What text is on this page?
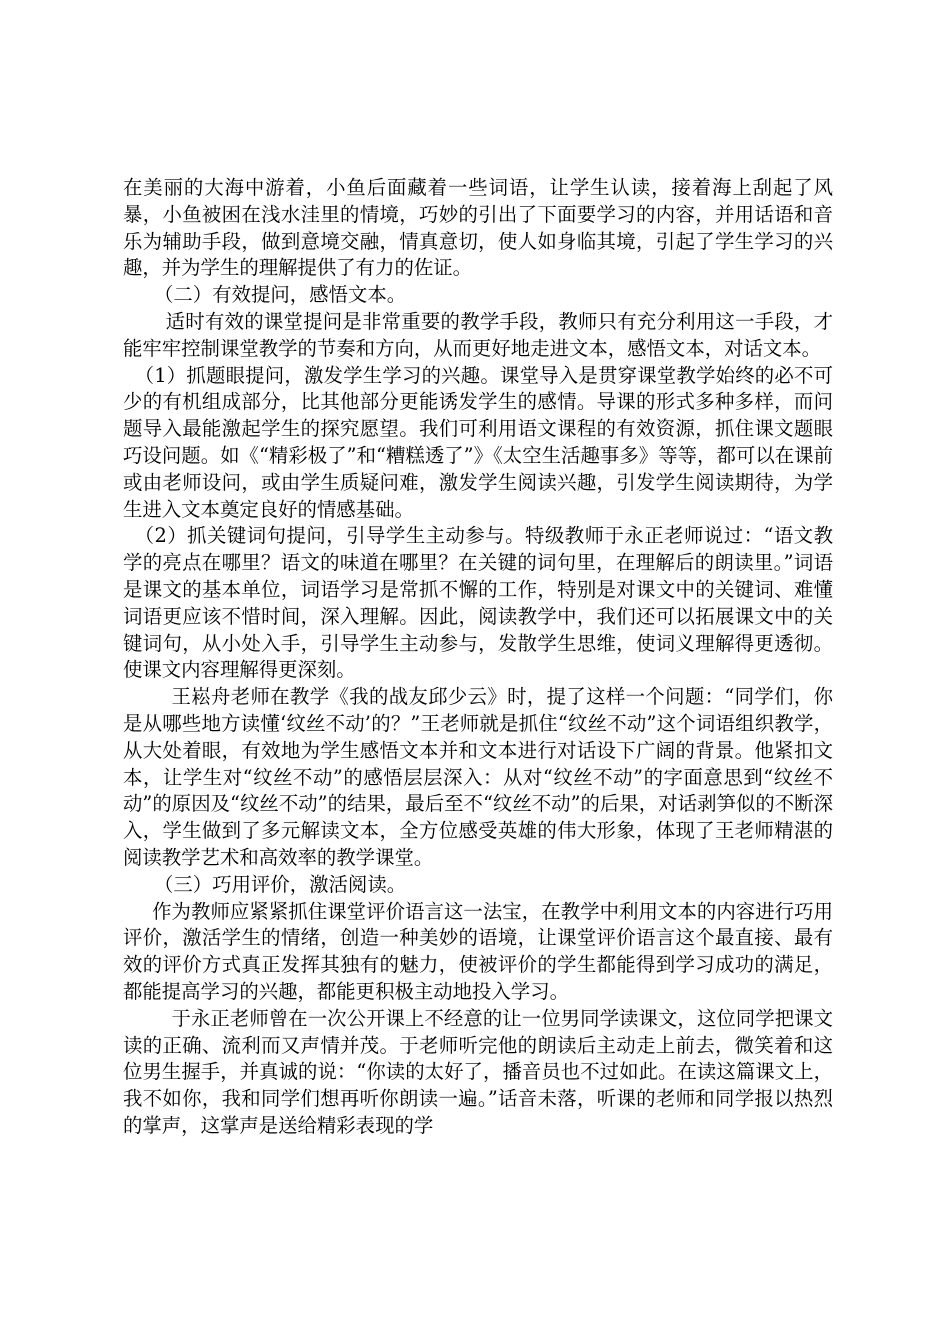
在美丽的大海中游着，小鱼后面藏着一些词语，让学生认读，接着海上刮起了风暴，小鱼被困在浅水洼里的情境，巧妙的引出了下面要学习的内容，并用话语和音乐为辅助手段，做到意境交融，情真意切，使人如身临其境，引起了学生学习的兴趣，并为学生的理解提供了有力的佐证。

（二）有效提问，感悟文本。

适时有效的课堂提问是非常重要的教学手段，教师只有充分利用这一手段，才能牢牢控制课堂教学的节奏和方向，从而更好地走进文本，感悟文本，对话文本。

（1）抓题眼提问，激发学生学习的兴趣。课堂导入是贯穿课堂教学始终的必不可少的有机组成部分，比其他部分更能诱发学生的感情。导课的形式多种多样，而问题导入最能激起学生的探究愿望。我们可利用语文课程的有效资源，抓住课文题眼巧设问题。如《“精彩极了”和“糟糕透了”》《太空生活趣事多》等等，都可以在课前或由老师设问，或由学生质疑问难，激发学生阅读兴趣，引发学生阅读期待，为学生进入文本奠定良好的情感基础。

（2）抓关键词句提问，引导学生主动参与。特级教师于永正老师说过：“语文教学的亮点在哪里？语文的味道在哪里？在关键的词句里，在理解后的朗读里。”词语是课文的基本单位，词语学习是常抓不懈的工作，特别是对课文中的关键词、难懂词语更应该不惜时间，深入理解。因此，阅读教学中，我们还可以拓展课文中的关键词句，从小处入手，引导学生主动参与，发散学生思维，使词义理解得更透彻。使课文内容理解得更深刻。

王崧舟老师在教学《我的战友邱少云》时，提了这样一个问题：“同学们，你是从哪些地方读懂‘纹丝不动’的？”王老师就是抓住“纹丝不动”这个词语组织教学，从大处着眼，有效地为学生感悟文本并和文本进行对话设下广阔的背景。他紧扣文本，让学生对“纹丝不动”的感悟层层深入：从对“纹丝不动”的字面意思到“纹丝不动”的原因及“纹丝不动”的结果，最后至不“纹丝不动”的后果，对话剥笋似的不断深入，学生做到了多元解读文本，全方位感受英雄的伟大形象，体现了王老师精湛的阅读教学艺术和高效率的教学课堂。

（三）巧用评价，激活阅读。

作为教师应紧紧抓住课堂评价语言这一法宝，在教学中利用文本的内容进行巧用评价，激活学生的情绪，创造一种美妙的语境，让课堂评价语言这个最直接、最有效的评价方式真正发挥其独有的魅力，使被评价的学生都能得到学习成功的满足，都能提高学习的兴趣，都能更积极主动地投入学习。

于永正老师曾在一次公开课上不经意的让一位男同学读课文，这位同学把课文读的正确、流利而又声情并茂。于老师听完他的朗读后主动走上前去，微笑着和这位男生握手，并真诚的说：“你读的太好了，播音员也不过如此。在读这篇课文上，我不如你，我和同学们想再听你朗读一遍。”话音未落，听课的老师和同学报以热烈的掌声，这掌声是送给精彩表现的学
